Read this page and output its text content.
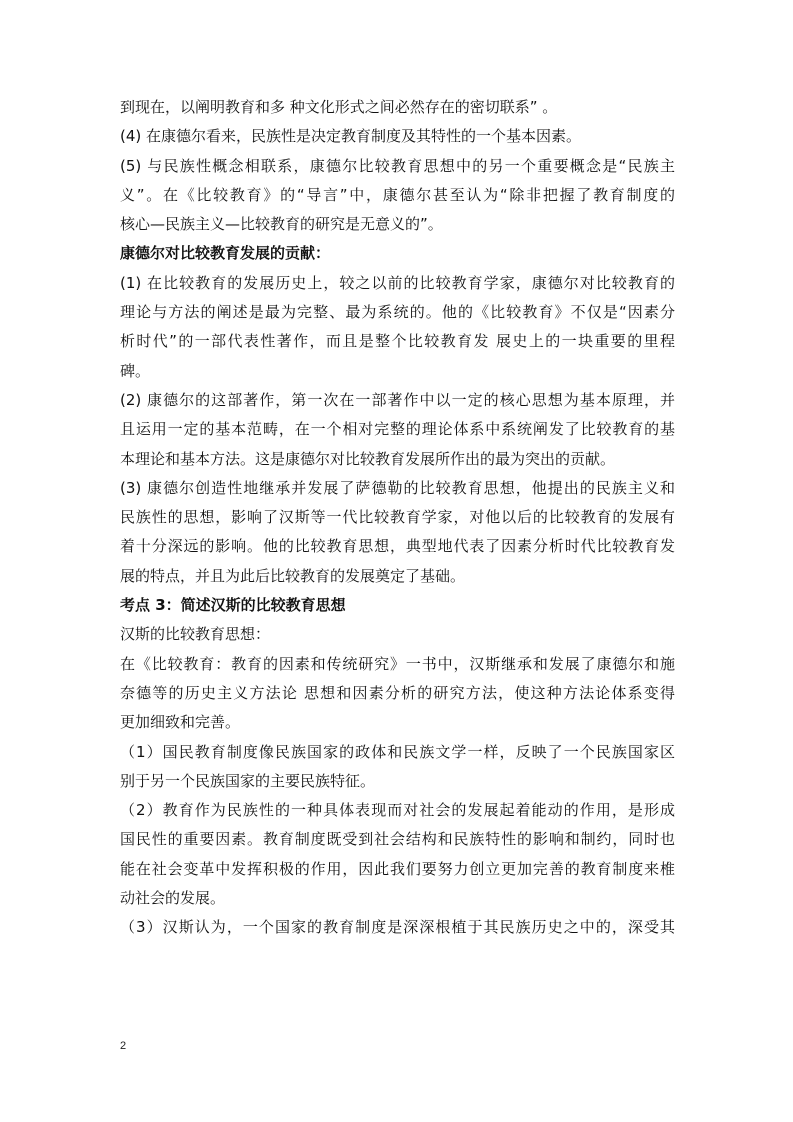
到现在，以阐明教育和多 种文化形式之间必然存在的密切联系” 。
(4) 在康德尔看来，民族性是决定教育制度及其特性的一个基本因素。
(5) 与民族性概念相联系，康德尔比较教育思想中的另一个重要概念是“民族主
义”。在《比较教育》的“导言”中，康德尔甚至认为“除非把握了教育制度的
核心—民族主义—比较教育的研究是无意义的”。
康德尔对比较教育发展的贡献：
(1) 在比较教育的发展历史上，较之以前的比较教育学家，康德尔对比较教育的
理论与方法的阐述是最为完整、最为系统的。他的《比较教育》不仅是“因素分
析时代”的一部代表性著作，而且是整个比较教育发 展史上的一块重要的里程
碑。
(2) 康德尔的这部著作，第一次在一部著作中以一定的核心思想为基本原理，并
且运用一定的基本范畴，在一个相对完整的理论体系中系统阐发了比较教育的基
本理论和基本方法。这是康德尔对比较教育发展所作出的最为突出的贡献。
(3) 康德尔创造性地继承并发展了萨德勒的比较教育思想，他提出的民族主义和
民族性的思想，影响了汉斯等一代比较教育学家，对他以后的比较教育的发展有
着十分深远的影响。他的比较教育思想，典型地代表了因素分析时代比较教育发
展的特点，并且为此后比较教育的发展奠定了基础。
考点 3：简述汉斯的比较教育思想
汉斯的比较教育思想：
在《比较教育：教育的因素和传统研究》一书中，汉斯继承和发展了康德尔和施
奈德等的历史主义方法论 思想和因素分析的研究方法，使这种方法论体系变得
更加细致和完善。
（1）国民教育制度像民族国家的政体和民族文学一样，反映了一个民族国家区
别于另一个民族国家的主要民族特征。
（2）教育作为民族性的一种具体表现而对社会的发展起着能动的作用，是形成
国民性的重要因素。教育制度既受到社会结构和民族特性的影响和制约，同时也
能在社会变革中发挥积极的作用，因此我们要努力创立更加完善的教育制度来椎
动社会的发展。
（3）汉斯认为，一个国家的教育制度是深深根植于其民族历史之中的，深受其
2
